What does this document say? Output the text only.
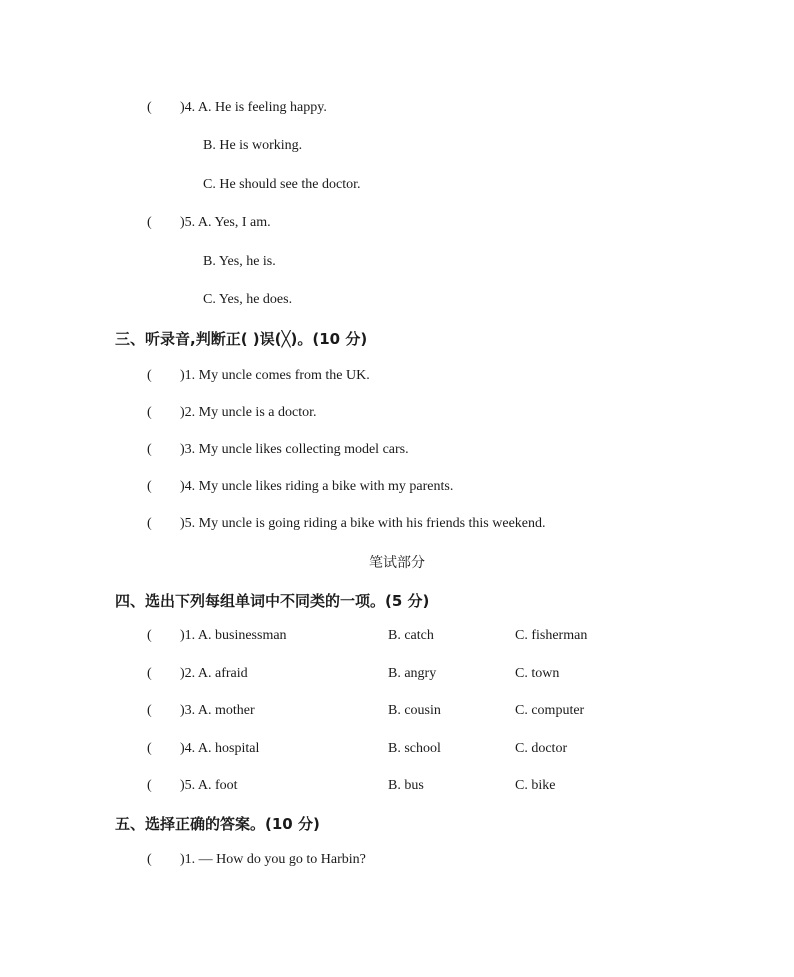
( )4. A. He is feeling happy.
B. He is working.
C. He should see the doctor.
( )5. A. Yes, I am.
B. Yes, he is.
C. Yes, he does.
三、听录音,判断正( )误(╳)。(10 分)
( )1. My uncle comes from the UK.
( )2. My uncle is a doctor.
( )3. My uncle likes collecting model cars.
( )4. My uncle likes riding a bike with my parents.
( )5. My uncle is going riding a bike with his friends this weekend.
笔试部分
四、选出下列每组单词中不同类的一项。(5 分)
( )1. A. businessman	B. catch	C. fisherman
( )2. A. afraid	B. angry	C. town
( )3. A. mother	B. cousin	C. computer
( )4. A. hospital	B. school	C. doctor
( )5. A. foot	B. bus	C. bike
五、选择正确的答案。(10 分)
( )1. — How do you go to Harbin?
